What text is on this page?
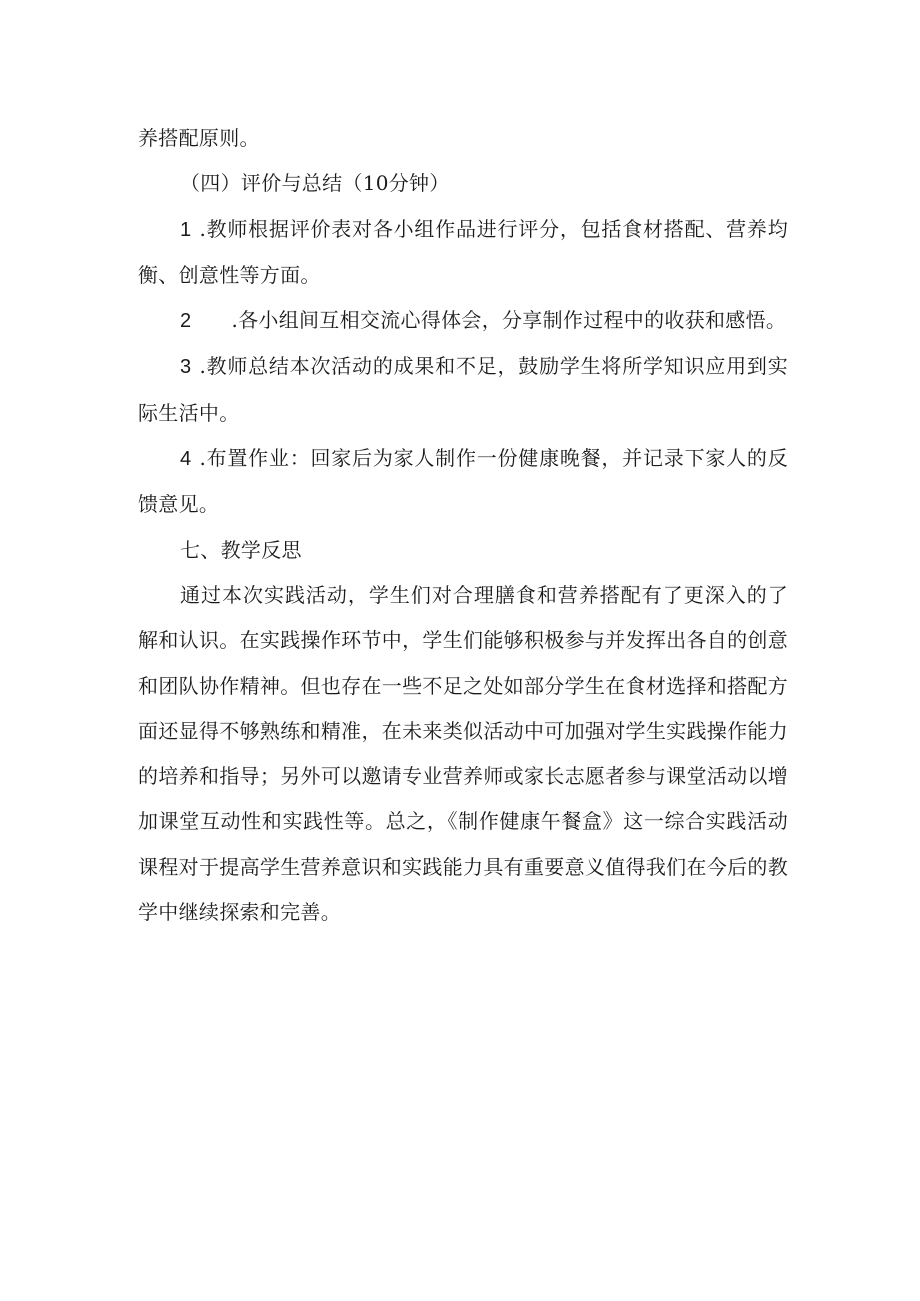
养搭配原则。

（四）评价与总结（10分钟）

1 .教师根据评价表对各小组作品进行评分，包括食材搭配、营养均衡、创意性等方面。

2 .各小组间互相交流心得体会，分享制作过程中的收获和感悟。

3 .教师总结本次活动的成果和不足，鼓励学生将所学知识应用到实际生活中。

4 .布置作业：回家后为家人制作一份健康晚餐，并记录下家人的反馈意见。

七、教学反思

通过本次实践活动，学生们对合理膳食和营养搭配有了更深入的了解和认识。在实践操作环节中，学生们能够积极参与并发挥出各自的创意和团队协作精神。但也存在一些不足之处如部分学生在食材选择和搭配方面还显得不够熟练和精准，在未来类似活动中可加强对学生实践操作能力的培养和指导；另外可以邀请专业营养师或家长志愿者参与课堂活动以增加课堂互动性和实践性等。总之，《制作健康午餐盒》这一综合实践活动课程对于提高学生营养意识和实践能力具有重要意义值得我们在今后的教学中继续探索和完善。
